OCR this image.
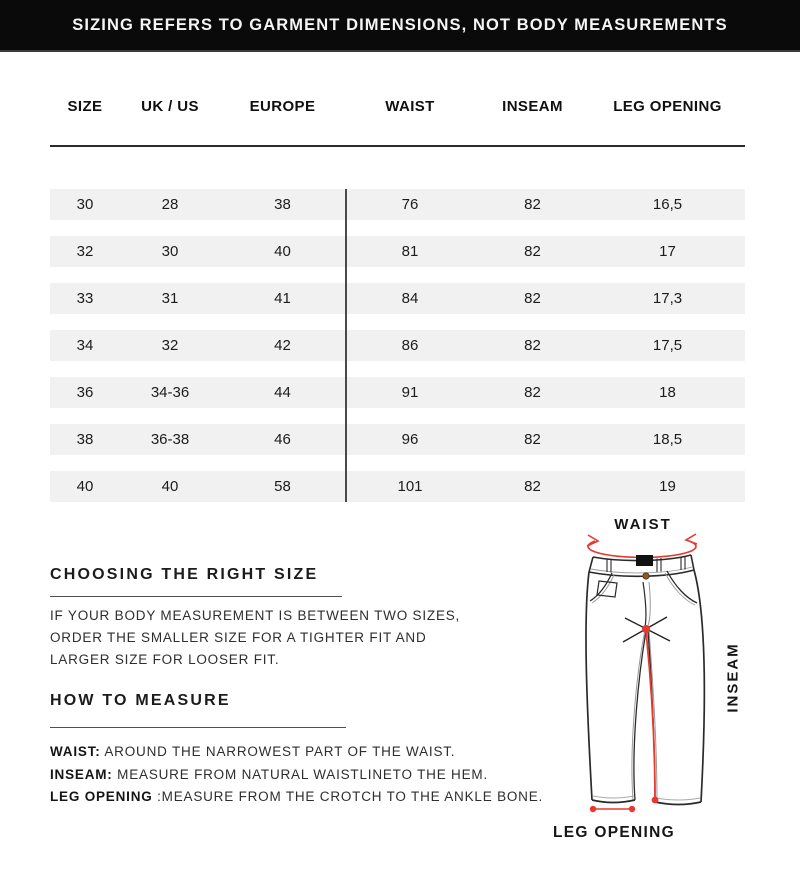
SIZING REFERS TO GARMENT DIMENSIONS, NOT BODY MEASUREMENTS
SIZE	UK / US	EUROPE	WAIST	INSEAM	LEG OPENING
30	28	38	76	82	16,5
32	30	40	81	82	17
33	31	41	84	82	17,3
34	32	42	86	82	17,5
36	34-36	44	91	82	18
38	36-38	46	96	82	18,5
40	40	58	101	82	19
CHOOSING THE RIGHT SIZE
IF YOUR BODY MEASUREMENT IS BETWEEN TWO SIZES,
ORDER THE SMALLER SIZE FOR A TIGHTER FIT AND
LARGER SIZE FOR LOOSER FIT.
HOW TO MEASURE
WAIST: AROUND THE NARROWEST PART OF THE WAIST.
INSEAM: MEASURE FROM NATURAL WAISTLINETO THE HEM.
LEG OPENING :MEASURE FROM THE CROTCH TO THE ANKLE BONE.
WAIST
INSEAM
LEG OPENING
